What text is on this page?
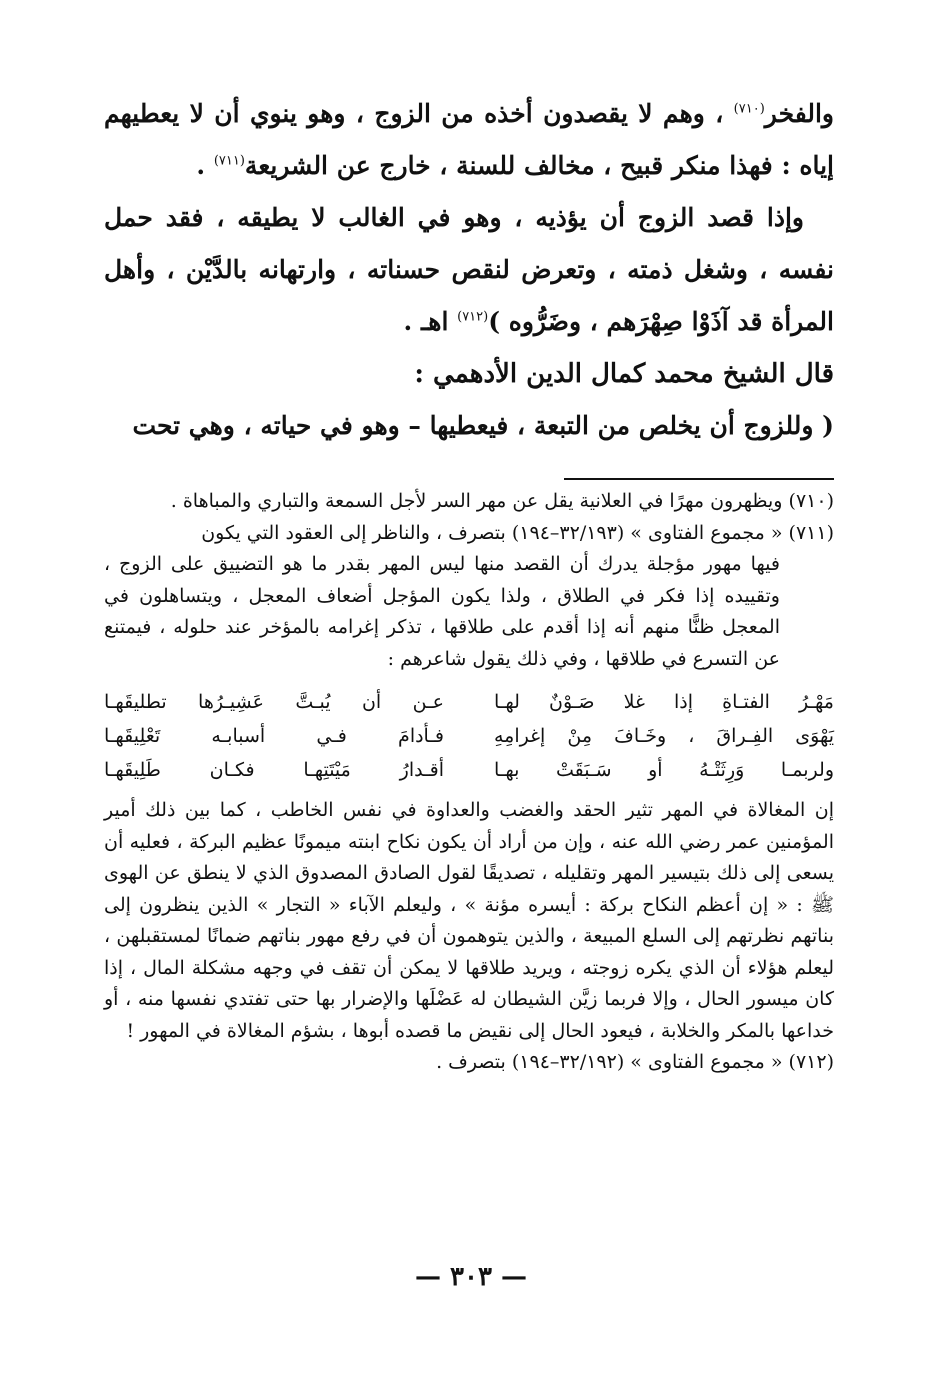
والفخر$^{(٧١٠)}$ ، وهم لا يقصدون أخذه من الزوج ، وهو ينوي أن لا يعطيهم إياه : فهذا منكر قبيح ، مخالف للسنة ، خارج عن الشريعة$^{(٧١١)}$ .

وإذا قصد الزوج أن يؤذيه ، وهو في الغالب لا يطيقه ، فقد حمل نفسه ، وشغل ذمته ، وتعرض لنقص حسناته ، وارتهانه بالدَّيْن ، وأهل المرأة قد آذَوْا صِهْرَهم ، وضَرُّوه )$^{(٧١٢)}$ اهـ .

قال الشيخ محمد كمال الدين الأدهمي :

( وللزوج أن يخلص من التبعة ، فيعطيها – وهو في حياته ، وهي تحت

(٧١٠) ويظهرون مهرًا في العلانية يقل عن مهر السر لأجل السمعة والتباري والمباهاة .

(٧١١) « مجموع الفتاوى » (٣٢/١٩٣–١٩٤) بتصرف ، والناظر إلى العقود التي يكون

فيها مهور مؤجلة يدرك أن القصد منها ليس المهر بقدر ما هو التضييق على الزوج ، وتقييده إذا فكر في الطلاق ، ولذا يكون المؤجل أضعاف المعجل ، ويتساهلون في المعجل ظنًّا منهم أنه إذا أقدم على طلاقها ، تذكر إغرامه بالمؤخر عند حلوله ، فيمتنع عن التسرع في طلاقها ، وفي ذلك يقول شاعرهم :

مَهْـرُ الفتـاةِ إذا غلا صَـوْنٌ لهـا
عـن أن يُبـتَّ عَشِيـرُها تطليقَهـا
يَهْوَى الفِـراقَ ، وخَـافَ مِنْ إغرامِهِ
فـأدامَ فـي أسبابـه تَعْلِيقَهـا
ولربمـا وَرِثَتْـهُ أو سَـبَقَتْ بهـا
أقـدارُ مَيْتَتِهـا فكـان طَلِيقَهـا

إن المغالاة في المهر تثير الحقد والغضب والعداوة في نفس الخاطب ، كما بين ذلك أمير المؤمنين عمر رضي الله عنه ، وإن من أراد أن يكون نكاح ابنته ميمونًا عظيم البركة ، فعليه أن يسعى إلى ذلك بتيسير المهر وتقليله ، تصديقًا لقول الصادق المصدوق الذي لا ينطق عن الهوى ﷺ : « إن أعظم النكاح بركة : أيسره مؤنة » ، وليعلم الآباء « التجار » الذين ينظرون إلى بناتهم نظرتهم إلى السلع المبيعة ، والذين يتوهمون أن في رفع مهور بناتهم ضمانًا لمستقبلهن ، ليعلم هؤلاء أن الذي يكره زوجته ، ويريد طلاقها لا يمكن أن تقف في وجهه مشكلة المال ، إذا كان ميسور الحال ، وإلا فربما زيَّن الشيطان له عَضْلَها والإضرار بها حتى تفتدي نفسها منه ، أو خداعها بالمكر والخلابة ، فيعود الحال إلى نقيض ما قصده أبوها ، بشؤم المغالاة في المهور !

(٧١٢) « مجموع الفتاوى » (٣٢/١٩٢–١٩٤) بتصرف .

— ٣٠٣ —
